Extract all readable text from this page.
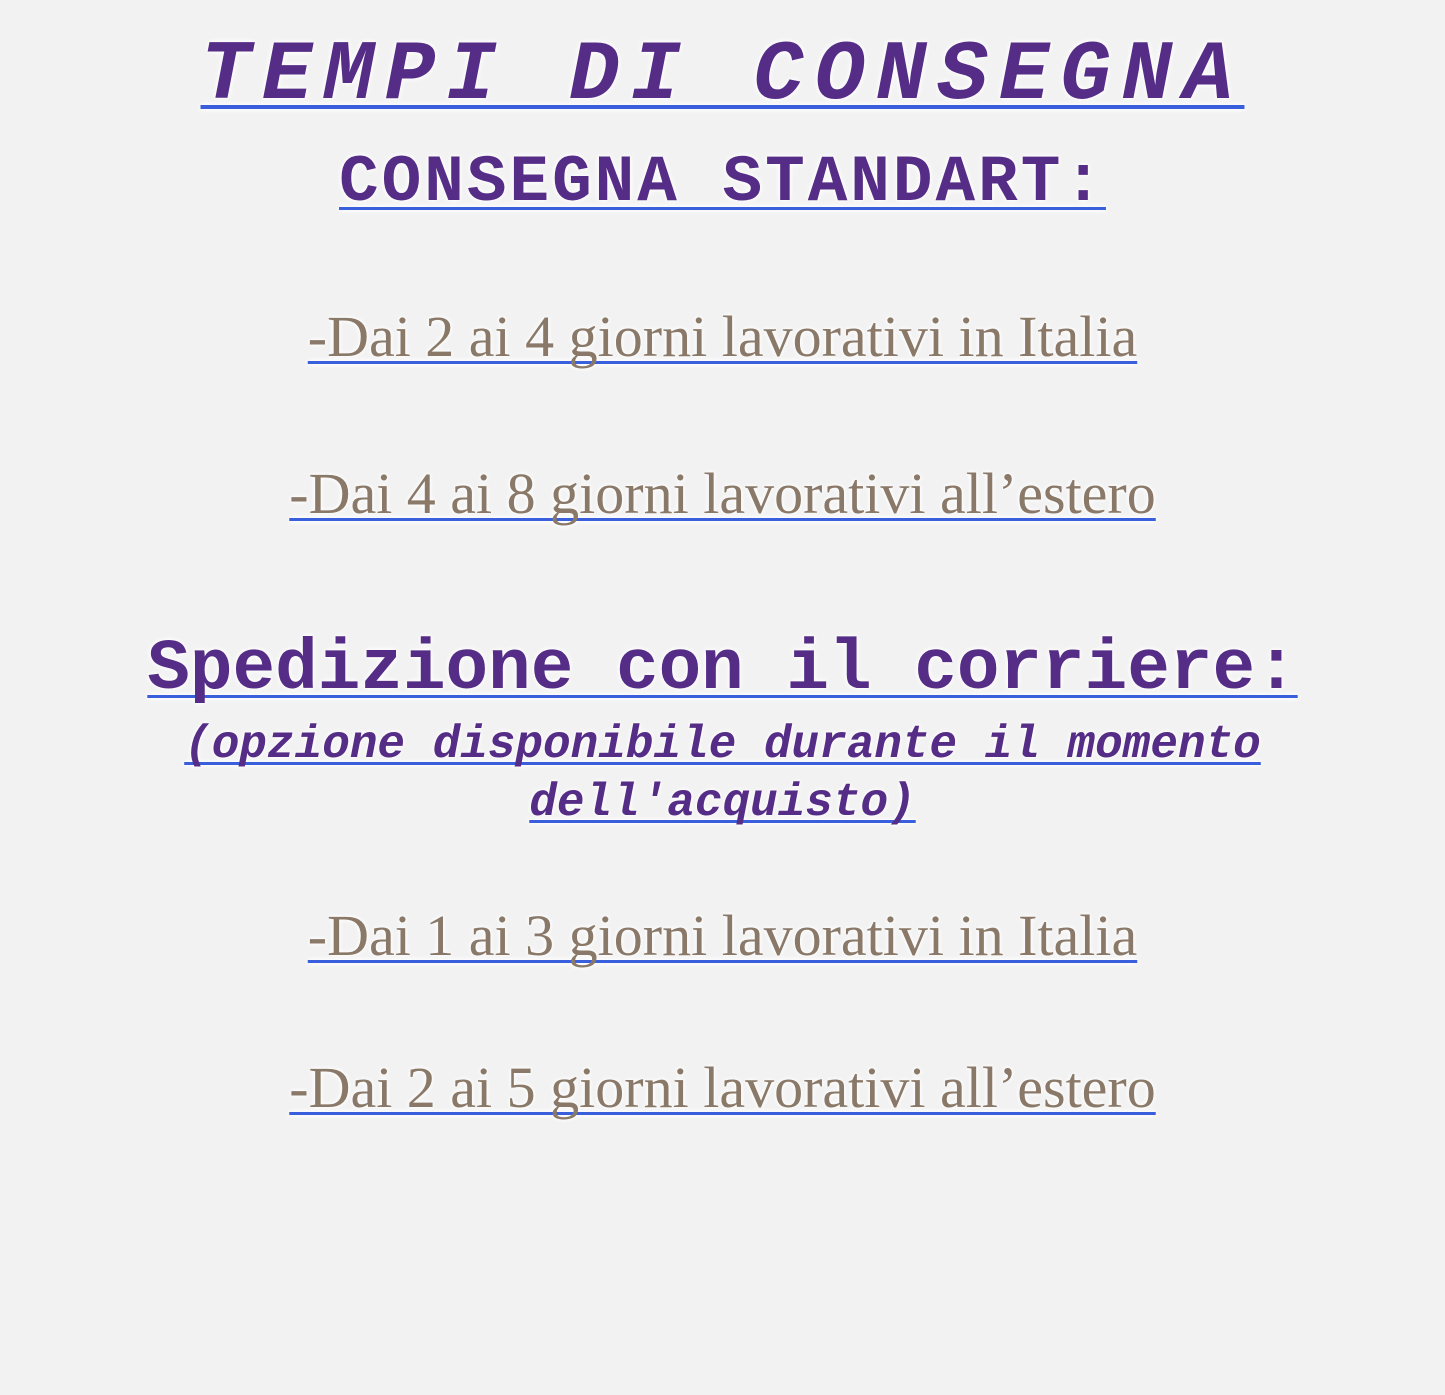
TEMPI DI CONSEGNA
CONSEGNA STANDART:

-Dai 2 ai 4 giorni lavorativi in Italia

-Dai 4 ai 8 giorni lavorativi all’estero

Spedizione con il corriere:

(opzione disponibile durante il momento dell'acquisto)

-Dai 1 ai 3 giorni lavorativi in Italia

-Dai 2 ai 5 giorni lavorativi all’estero
